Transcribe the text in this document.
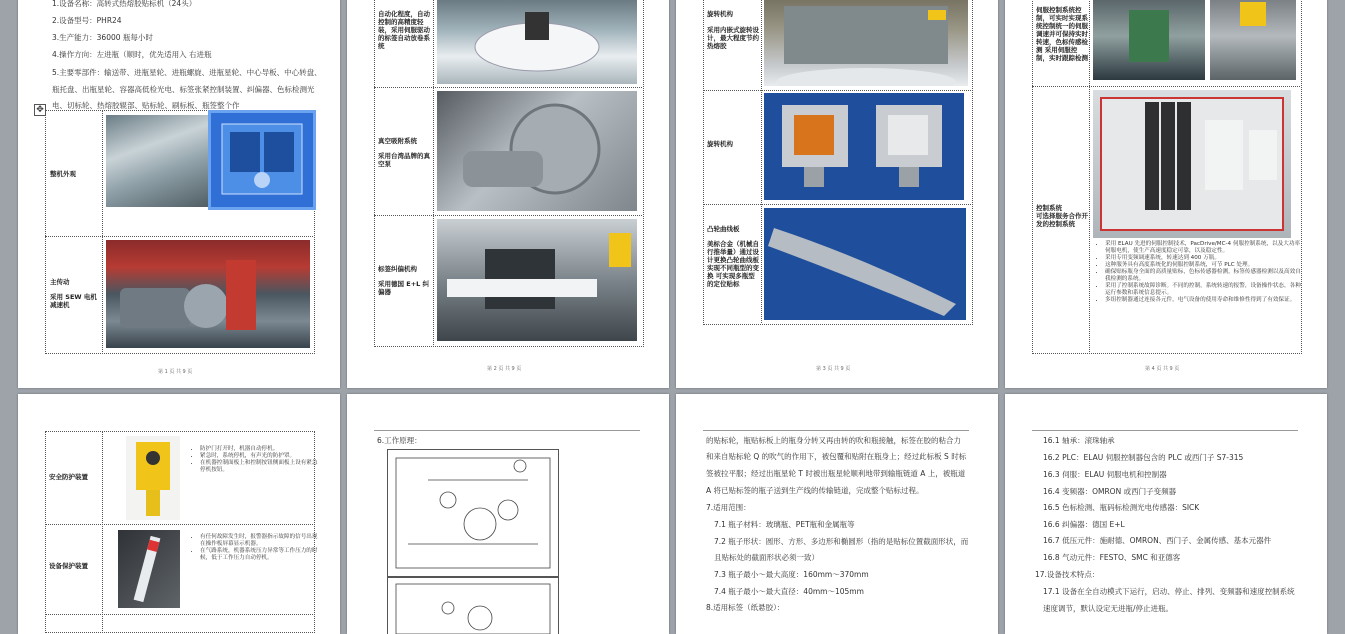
1.设备名称：高转式热熔胶贴标机（24头）
2.设备型号：PHR24
3.生产能力：36000 瓶每小时
4.操作方向：左进瓶（顺时，优先适用入 右进瓶
5.主要零部件：输送带、进瓶星轮、进瓶螺旋、进瓶星轮、中心导板、中心转盘、
瓶托盘、出瓶星轮、容器高低检光电、标签张紧控制装置、纠偏器、色标检测光
电、切标轮、热熔胶辊部、贴标轮、刷标板、瓶签整个作
✥
整机外观
主传动
采用 SEW 电机减速机
第 1 页 共 9 页
自动化程度，自动控制的高精度轻装，采用伺服驱动的标签自动放卷系统
真空吸附系统
采用台湾品牌的真空泵
标签纠偏机构
采用德国 E+L 纠偏器
第 2 页 共 9 页
旋转机构
采用内嵌式旋转设计，最大程度节约热熔胶
旋转机构
凸轮曲线板
美标合金（机械自行推举量）通过设计更换凸轮曲线板实现不同瓶型的变换 可实现多瓶型的定位贴标
第 3 页 共 9 页
伺服控制系统控制，可实时实现系统控制统一的伺服调速并可保持实时转速，色标传感检测 采用伺服控制，实时跟踪检测
控制系统
可选择服务合作开发的控制系统
• 采用 ELAU 先进的伺服控制技术，PacDrive/MC-4 伺服控制系统，以及大功率伺服电机，使生产高速度稳定可靠，以及稳定性。
• 采用专用变频调速系统，转速达到 400 万瓶。
• 这种服务具有高度系统化的伺服控制系统，可节 PLC 处理。
• 确保贴标瓶身全面的高质量贴标，色标传感器检测，标签传感器检测以及高效自我检测的系统。
• 采用了控制系统故障诊断。不同的控制，系统转速的报警，设备操作状态，各种运行参数和系统信息提示。
• 多组控制器通过连接各元件，电气设备的使用寿命和维修性得到了有效保证。
第 4 页 共 9 页
安全防护装置
• 防护门打开时，机器自动停机。
• 紧急时，系统停机，有声光的防护罩。
• 在机器控制面板上和控制按钮侧面板上设有紧急停机按钮。
设备保护装置
• 有任何故障发生时，报警器指示故障的信号出现在操作板屏幕显示机器。
• 在气路系统，机器系统压力异常等工作压力的时候，低于工作压力自动停机。
6.工作原理：	的贴标轮，瓶贴标板上的瓶身分转又再由转的吹和瓶接触，标签在胶的粘合力
和来自贴标轮 Q 的吹气的作用下，被包覆和贴附在瓶身上；经过此标板 S 时标
签被拉平服；经过出瓶星轮 T 时被出瓶星轮顺利地带到输瓶链道 A 上，被瓶道
A 将已贴标签的瓶子送到生产线的传输链道，完成整个贴标过程。
7.适用范围：
7.1 瓶子材料：玻璃瓶、PET瓶和金属瓶等
7.2 瓶子形状：圆形、方形、多边形和椭圆形（指的是贴标位置截面形状，而
且贴标处的截面形状必须一致）
7.3 瓶子最小～最大高度：160mm～370mm
7.4 瓶子最小～最大直径：40mm～105mm
8.适用标签（纸悬胶）：
16.1 轴承：滚珠轴承
16.2 PLC：ELAU 伺服控制器包含的 PLC 或西门子 S7-315
16.3 伺服：ELAU 伺服电机和控制器
16.4 变频器：OMRON 或西门子变频器
16.5 色标检测、瓶码标检测光电传感器：SICK
16.6 纠偏器：德国 E+L
16.7 低压元件：施耐德、OMRON、西门子、金属传感、基本元器件
16.8 气动元件：FESTO、SMC 和亚德客
17.设备技术特点：
17.1 设备在全自动模式下运行，启动、停止、排列、变频器和速度控制系统
速度调节，默认设定无进瓶/停止进瓶。
